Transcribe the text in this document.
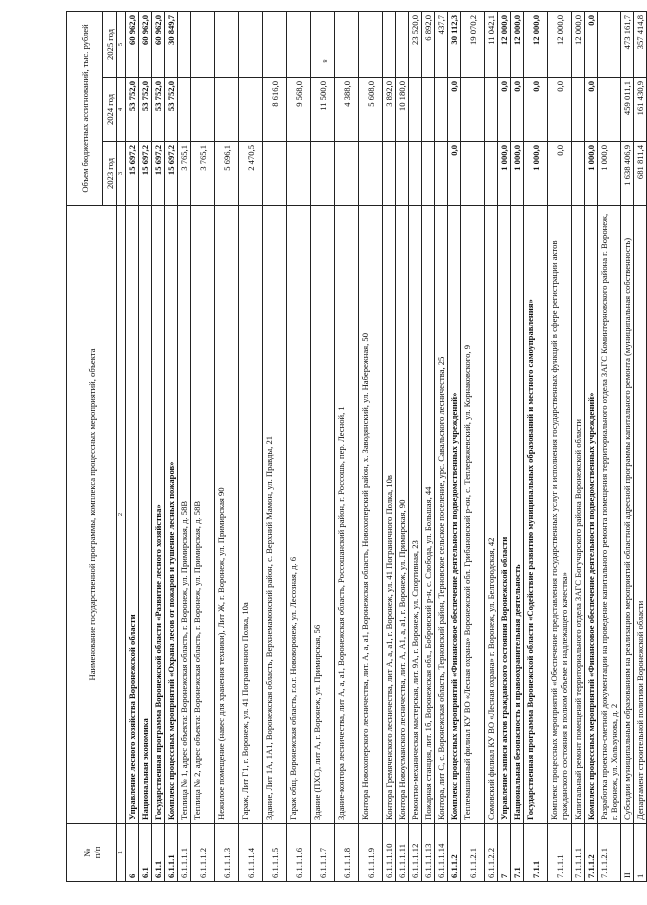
8
№
п/п	Наименование государственной программы, комплекса процессных мероприятий, объекта	Объем бюджетных ассигнований, тыс. рублей		
		2023 год	2024 год	2025 год
1	2	3	4	5
6	Управление лесного хозяйства Воронежской области	15 697,2	53 752,0	60 962,0
6.1	Национальная экономика	15 697,2	53 752,0	60 962,0
6.1.1	Государственная программа Воронежской области «Развитие лесного хозяйства»	15 697,2	53 752,0	60 962,0
6.1.1.1	Комплекс процессных мероприятий «Охрана лесов от пожаров и тушение лесных пожаров»	15 697,2	53 752,0	30 849,7
6.1.1.1.1	Теплица № 1, адрес объекта: Воронежская область, г. Воронеж, ул. Примирская, д. 58В	3 765,1		
6.1.1.1.2	Теплица № 2, адрес объекта: Воронежская область, г. Воронеж, ул. Примирская, д. 58В	3 765,1		
6.1.1.1.3	Нежилое помещение (навес для хранения техники), Лит Ж, г. Воронеж, ул. Примирская 90	5 696,1		
6.1.1.1.4	Гараж, Лит Г1, г. Воронеж, ул. 41 Пограничного Полка, 10а	2 470,5		
6.1.1.1.5	Здание, Лит 1А, 1А1, Воронежская область, Верхнемамонский район, с. Верхний Мамон, ул. Правды, 21		8 616,0	
6.1.1.1.6	Гараж общ. Воронежская область, г.о.г. Нововоронеж, ул. Лесозная, д. 6		9 568,0	
6.1.1.1.7	Здание (ПХС), лит А, г. Воронеж, ул. Примирская, 56		11 500,0	
6.1.1.1.8	Здание-контора лесничества, лит А, а, а1, Воронежская область, Россошанский район, г. Россошь, пер. Лесной, 1		4 388,0	
6.1.1.1.9	Контора Новохоперского лесничества, лит. А, а, а1, Воронежская область, Новохоперский район, х. Заводянский, ул. Набережная, 50		5 608,0	
6.1.1.1.10	Контора Гремяченского лесничества, лит А, а, а1, г. Воронеж, ул. 41 Пограничного Полка, 10в		3 892,0	
6.1.1.1.11	Контора Новоусманского лесничества, лит. А, А1, а, а1, г. Воронеж, ул. Примирская, 90		10 180,0	
6.1.1.1.12	Ремонтно-механическая мастерская, лит. 9А, г. Воронеж, ул. Спортивная, 23			23 520,0
6.1.1.1.13	Пожарная станция, лит. 1б, Воронежская обл., Бобровский р-н, с. Слобода, ул. Большая, 44			6 892,0
6.1.1.1.14	Контора, лит С, с. Воронежская область, Терновский район, Терновское сельское поселение, урс. Савальского лесничества, 25			437,7
6.1.1.2	Комплекс процессных мероприятий «Финансовое обеспечение деятельности подведомственных учреждений»	0,0	0,0	30 112,3
6.1.1.2.1	Теплемашинный филиал КУ ВО «Лесная охрана» Воронежской обл. Грибановский р-он, с. Теплеряжевский, ул. Корнаковского, 9			19 070,2
6.1.1.2.2	Сомовский филиал КУ ВО «Лесная охрана» г. Воронеж, ул. Белгородская, 42			11 042,1
7	Управление записи актов гражданского состояния Воронежской области	1 000,0	0,0	12 000,0
7.1	Национальная безопасность и правоохранительная деятельность	1 000,0	0,0	12 000,0
7.1.1	Государственная программа Воронежской области «Содействие развитию муниципальных образований и местного самоуправления»	1 000,0	0,0	12 000,0
7.1.1.1	Комплекс процессных мероприятий «Обеспечение представления государственных услуг и исполнения государственных функций в сфере регистрации актов гражданского состояния в полном объеме и надлежащего качества»	0,0	0,0	12 000,0
7.1.1.1.1	Капитальный ремонт помещений территориального отдела ЗАГС Богучарского района Воронежской области			12 000,0
7.1.1.2	Комплекс процессных мероприятий «Финансовое обеспечение деятельности подведомственных учреждений»	1 000,0	0,0	0,0
7.1.1.2.1	Разработка проектно-сметной документации на проведение капитального ремонта помещения территориального отдела ЗАГС Коминтерновского района г. Воронеж, г. Воронеж, ул. Хользунова, д. 2	1 000,0		
II	Субсидии муниципальным образованиям на реализацию мероприятий областной адресной программы капитального ремонта (муниципальная собственность)	1 638 406,9	459 011,1	473 161,7
1	Департамент строительной политики Воронежской области	681 811,4	161 430,9	357 414,8
